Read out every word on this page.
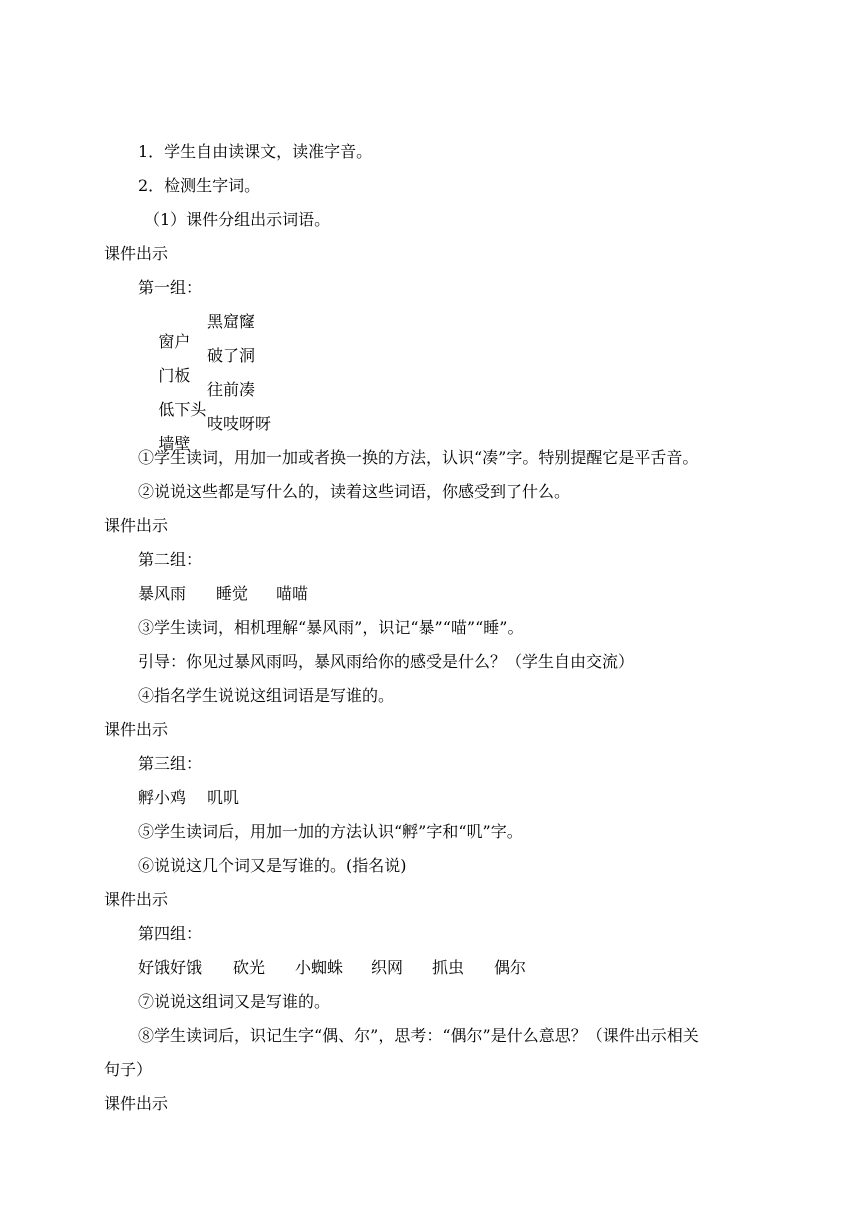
1．学生自由读课文，读准字音。
2．检测生字词。
（1）课件分组出示词语。
课件出示
第一组：

窗户

黑窟窿

门板

破了洞

低下头

往前凑

墙壁

吱吱呀呀

①学生读词，用加一加或者换一换的方法，认识“凑”字。特别提醒它是平舌音。
②说说这些都是写什么的，读着这些词语，你感受到了什么。
课件出示
第二组：

暴风雨

睡觉

喵喵

③学生读词，相机理解“暴风雨”，识记“暴”“喵”“睡”。
引导：你见过暴风雨吗，暴风雨给你的感受是什么？（学生自由交流）
④指名学生说说这组词语是写谁的。
课件出示
第三组：

孵小鸡

叽叽

⑤学生读词后，用加一加的方法认识“孵”字和“叽”字。
⑥说说这几个词又是写谁的。(指名说)
课件出示
第四组：

好饿好饿

砍光

小蜘蛛

织网

抓虫

偶尔

⑦说说这组词又是写谁的。
⑧学生读词后，识记生字“偶、尔”，思考：“偶尔”是什么意思？（课件出示相关
句子）
课件出示
